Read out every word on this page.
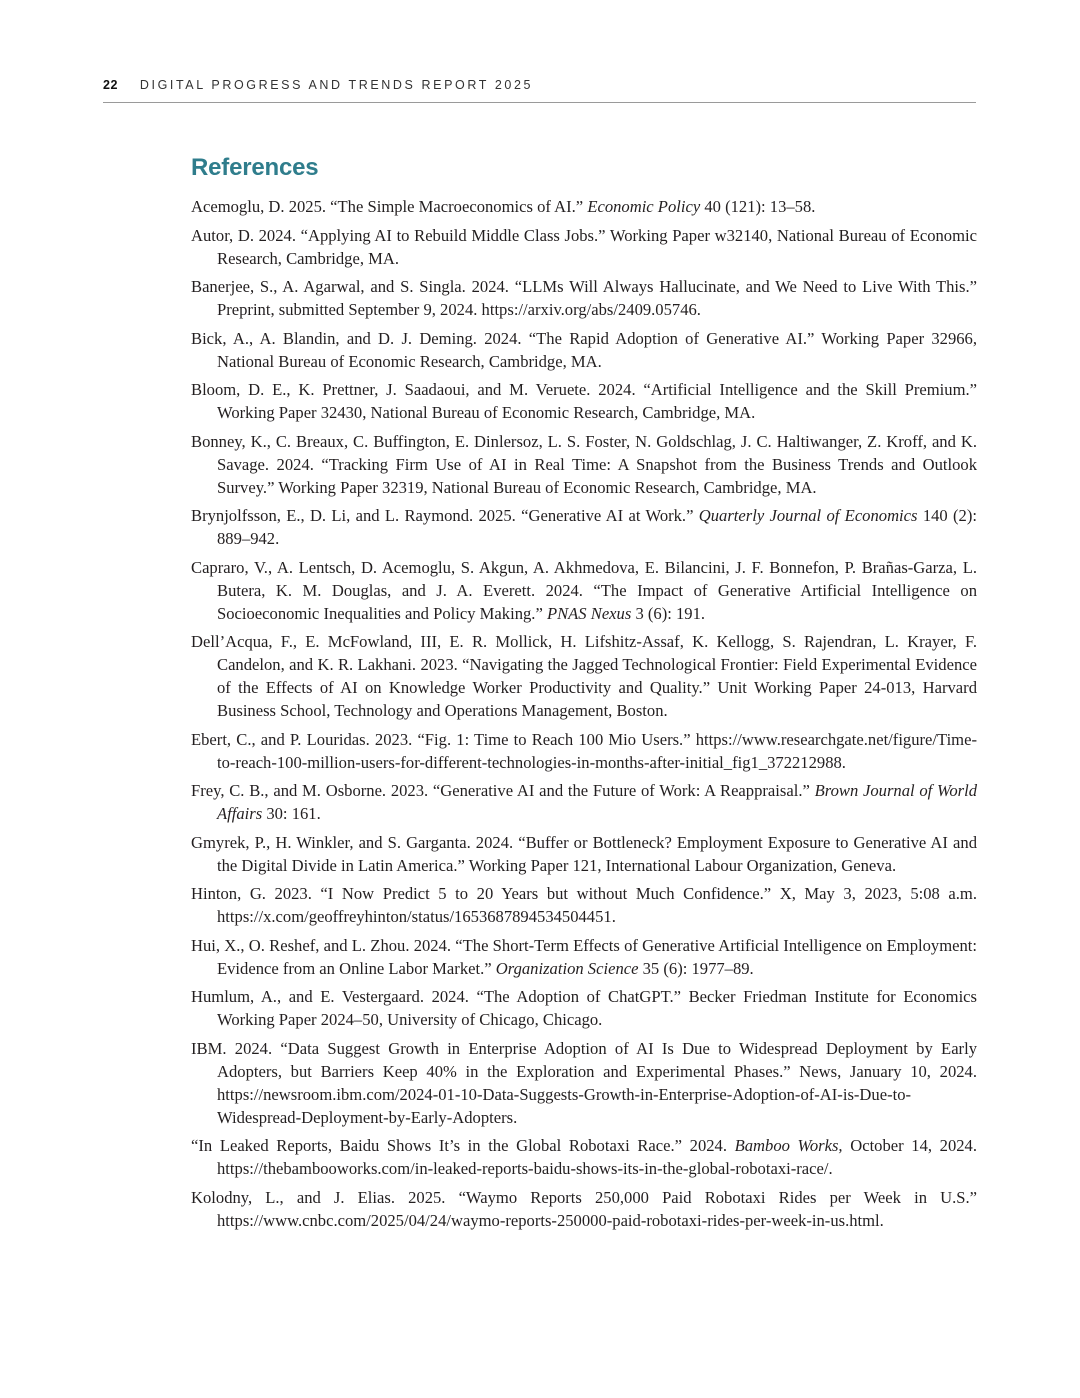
22 DIGITAL PROGRESS AND TRENDS REPORT 2025
References
Acemoglu, D. 2025. “The Simple Macroeconomics of AI.” Economic Policy 40 (121): 13–58.
Autor, D. 2024. “Applying AI to Rebuild Middle Class Jobs.” Working Paper w32140, National Bureau of Economic Research, Cambridge, MA.
Banerjee, S., A. Agarwal, and S. Singla. 2024. “LLMs Will Always Hallucinate, and We Need to Live With This.” Preprint, submitted September 9, 2024. https://arxiv.org/abs/2409.05746.
Bick, A., A. Blandin, and D. J. Deming. 2024. “The Rapid Adoption of Generative AI.” Working Paper 32966, National Bureau of Economic Research, Cambridge, MA.
Bloom, D. E., K. Prettner, J. Saadaoui, and M. Veruete. 2024. “Artificial Intelligence and the Skill Premium.” Working Paper 32430, National Bureau of Economic Research, Cambridge, MA.
Bonney, K., C. Breaux, C. Buffington, E. Dinlersoz, L. S. Foster, N. Goldschlag, J. C. Haltiwanger, Z. Kroff, and K. Savage. 2024. “Tracking Firm Use of AI in Real Time: A Snapshot from the Business Trends and Outlook Survey.” Working Paper 32319, National Bureau of Economic Research, Cambridge, MA.
Brynjolfsson, E., D. Li, and L. Raymond. 2025. “Generative AI at Work.” Quarterly Journal of Economics 140 (2): 889–942.
Capraro, V., A. Lentsch, D. Acemoglu, S. Akgun, A. Akhmedova, E. Bilancini, J. F. Bonnefon, P. Brañas-Garza, L. Butera, K. M. Douglas, and J. A. Everett. 2024. “The Impact of Generative Artificial Intelligence on Socioeconomic Inequalities and Policy Making.” PNAS Nexus 3 (6): 191.
Dell’Acqua, F., E. McFowland, III, E. R. Mollick, H. Lifshitz-Assaf, K. Kellogg, S. Rajendran, L. Krayer, F. Candelon, and K. R. Lakhani. 2023. “Navigating the Jagged Technological Frontier: Field Experimental Evidence of the Effects of AI on Knowledge Worker Productivity and Quality.” Unit Working Paper 24-013, Harvard Business School, Technology and Operations Management, Boston.
Ebert, C., and P. Louridas. 2023. “Fig. 1: Time to Reach 100 Mio Users.” https://www.researchgate.net/figure/Time-to-reach-100-million-users-for-different-technologies-in-months-after-initial_fig1_372212988.
Frey, C. B., and M. Osborne. 2023. “Generative AI and the Future of Work: A Reappraisal.” Brown Journal of World Affairs 30: 161.
Gmyrek, P., H. Winkler, and S. Garganta. 2024. “Buffer or Bottleneck? Employment Exposure to Generative AI and the Digital Divide in Latin America.” Working Paper 121, International Labour Organization, Geneva.
Hinton, G. 2023. “I Now Predict 5 to 20 Years but without Much Confidence.” X, May 3, 2023, 5:08 a.m. https://x.com/geoffreyhinton/status/1653687894534504451.
Hui, X., O. Reshef, and L. Zhou. 2024. “The Short-Term Effects of Generative Artificial Intelligence on Employment: Evidence from an Online Labor Market.” Organization Science 35 (6): 1977–89.
Humlum, A., and E. Vestergaard. 2024. “The Adoption of ChatGPT.” Becker Friedman Institute for Economics Working Paper 2024–50, University of Chicago, Chicago.
IBM. 2024. “Data Suggest Growth in Enterprise Adoption of AI Is Due to Widespread Deployment by Early Adopters, but Barriers Keep 40% in the Exploration and Experimental Phases.” News, January 10, 2024. https://newsroom.ibm.com/2024-01-10-Data-Suggests-Growth-in-Enterprise-Adoption-of-AI-is-Due-to-Widespread-Deployment-by-Early-Adopters.
“In Leaked Reports, Baidu Shows It’s in the Global Robotaxi Race.” 2024. Bamboo Works, October 14, 2024. https://thebambooworks.com/in-leaked-reports-baidu-shows-its-in-the-global-robotaxi-race/.
Kolodny, L., and J. Elias. 2025. “Waymo Reports 250,000 Paid Robotaxi Rides per Week in U.S.” https://www.cnbc.com/2025/04/24/waymo-reports-250000-paid-robotaxi-rides-per-week-in-us.html.
